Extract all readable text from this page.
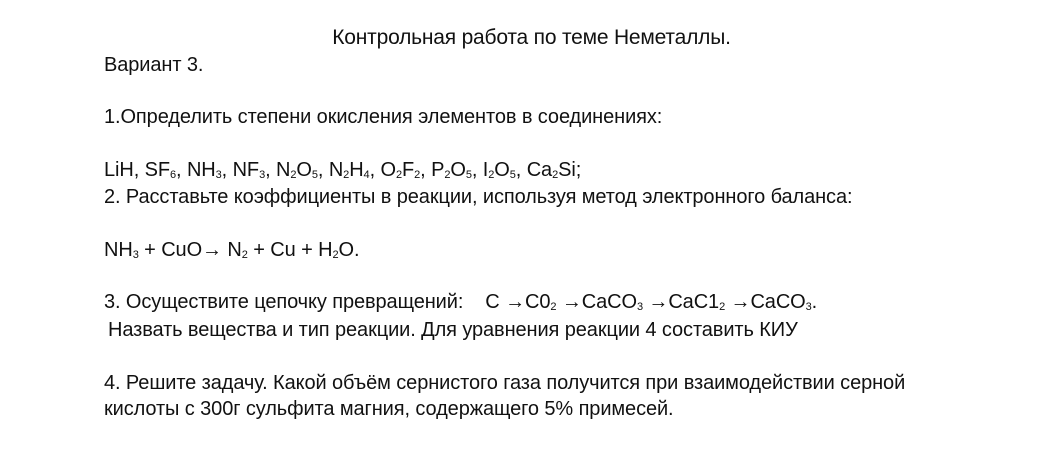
Контрольная работа по теме Неметаллы.
Вариант 3.
1.Определить степени окисления элементов в соединениях:
LiH, $SF_6$, $NH_3$, $NF_3$, $N_2O_5$, $N_2H_4$, $O_2F_2$, $P_2O_5$, $I_2O_5$, $Ca_2Si$;
2. Расставьте коэффициенты в реакции, используя метод электронного баланса:
$NH_3 + CuO\to N_2 + Cu + H_2O$.
3. Осуществите цепочку превращений: $C \to C0_2$ →CaCO$_3$ $\to CaC1_2$ →CaCO$_3$.
Назвать вещества и тип реакции. Для уравнения реакции 4 составить КИУ
4. Решите задачу. Какой объём сернистого газа получится при взаимодействии серной
кислоты с 300г сульфита магния, содержащего 5% примесей.
